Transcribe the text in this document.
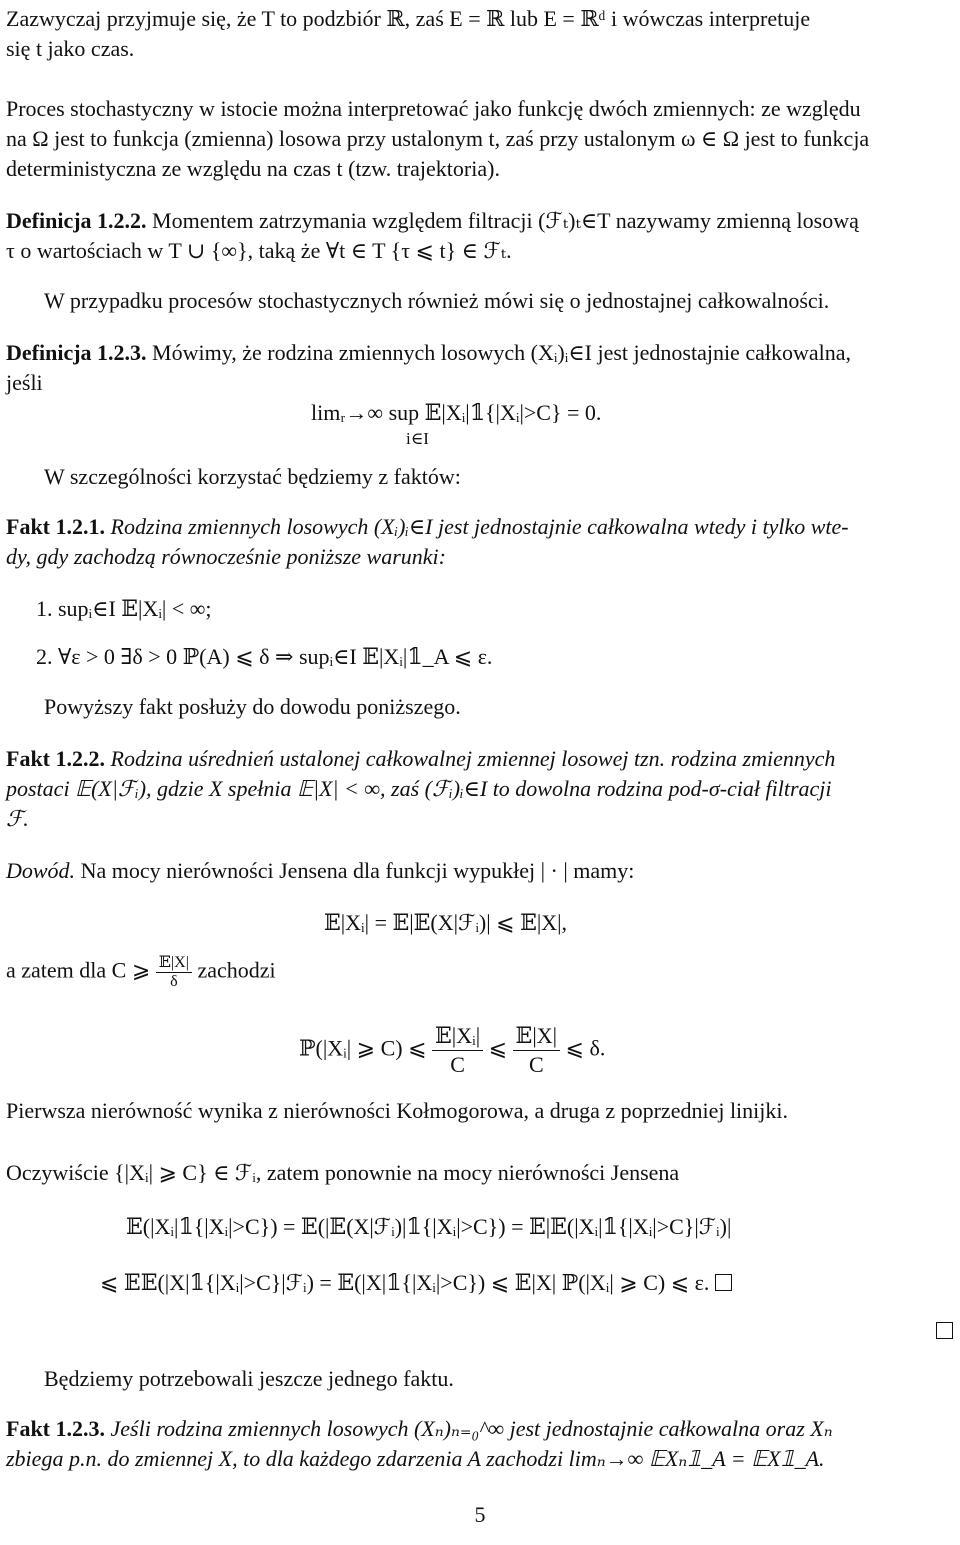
Zazwyczaj przyjmuje się, że T to podzbiór ℝ, zaś E = ℝ lub E = ℝᵈ i wówczas interpretuje
się t jako czas.
Proces stochastyczny w istocie można interpretować jako funkcję dwóch zmiennych: ze względu
na Ω jest to funkcja (zmienna) losowa przy ustalonym t, zaś przy ustalonym ω ∈ Ω jest to funkcja
deterministyczna ze względu na czas t (tzw. trajektoria).
Definicja 1.2.2. Momentem zatrzymania względem filtracji (ℱₜ)ₜ∈T nazywamy zmienną losową
τ o wartościach w T ∪ {∞}, taką że ∀t ∈ T {τ ⩽ t} ∈ ℱₜ.
W przypadku procesów stochastycznych również mówi się o jednostajnej całkowalności.
Definicja 1.2.3. Mówimy, że rodzina zmiennych losowych (Xᵢ)ᵢ∈I jest jednostajnie całkowalna,
jeśli
limᵣ→∞ sup 𝔼|Xᵢ|𝟙{|Xᵢ|>C} = 0.
i∈I
W szczególności korzystać będziemy z faktów:
Fakt 1.2.1. Rodzina zmiennych losowych (Xᵢ)ᵢ∈I jest jednostajnie całkowalna wtedy i tylko wte-
dy, gdy zachodzą równocześnie poniższe warunki:
1. supᵢ∈I 𝔼|Xᵢ| < ∞;
2. ∀ε > 0 ∃δ > 0 ℙ(A) ⩽ δ ⇒ supᵢ∈I 𝔼|Xᵢ|𝟙_A ⩽ ε.
Powyższy fakt posłuży do dowodu poniższego.
Fakt 1.2.2. Rodzina uśrednień ustalonej całkowalnej zmiennej losowej tzn. rodzina zmiennych
postaci 𝔼(X|ℱᵢ), gdzie X spełnia 𝔼|X| < ∞, zaś (ℱᵢ)ᵢ∈I to dowolna rodzina pod-σ-ciał filtracji
ℱ.
Dowód. Na mocy nierówności Jensena dla funkcji wypukłej | · | mamy:
𝔼|Xᵢ| = 𝔼|𝔼(X|ℱᵢ)| ⩽ 𝔼|X|,
a zatem dla C ⩾ $\frac{\text{𝔼|X|}}{\delta}$ zachodzi
ℙ(|Xᵢ| ⩾ C) ⩽ $\frac{\text{𝔼|Xᵢ|}}{C}$ ⩽ $\frac{\text{𝔼|X|}}{C}$ ⩽ δ.
Pierwsza nierówność wynika z nierówności Kołmogorowa, a druga z poprzedniej linijki.
Oczywiście {|Xᵢ| ⩾ C} ∈ ℱᵢ, zatem ponownie na mocy nierówności Jensena
𝔼(|Xᵢ|𝟙{|Xᵢ|>C}) = 𝔼(|𝔼(X|ℱᵢ)|𝟙{|Xᵢ|>C}) = 𝔼|𝔼(|Xᵢ|𝟙{|Xᵢ|>C}|ℱᵢ)|
⩽ 𝔼𝔼(|X|𝟙{|Xᵢ|>C}|ℱᵢ) = 𝔼(|X|𝟙{|Xᵢ|>C}) ⩽ 𝔼|X| ℙ(|Xᵢ| ⩾ C) ⩽ ε.
Będziemy potrzebowali jeszcze jednego faktu.
Fakt 1.2.3. Jeśli rodzina zmiennych losowych (Xₙ)ₙ₌₀^∞ jest jednostajnie całkowalna oraz Xₙ
zbiega p.n. do zmiennej X, to dla każdego zdarzenia A zachodzi limₙ→∞ 𝔼Xₙ𝟙_A = 𝔼X𝟙_A.
5
